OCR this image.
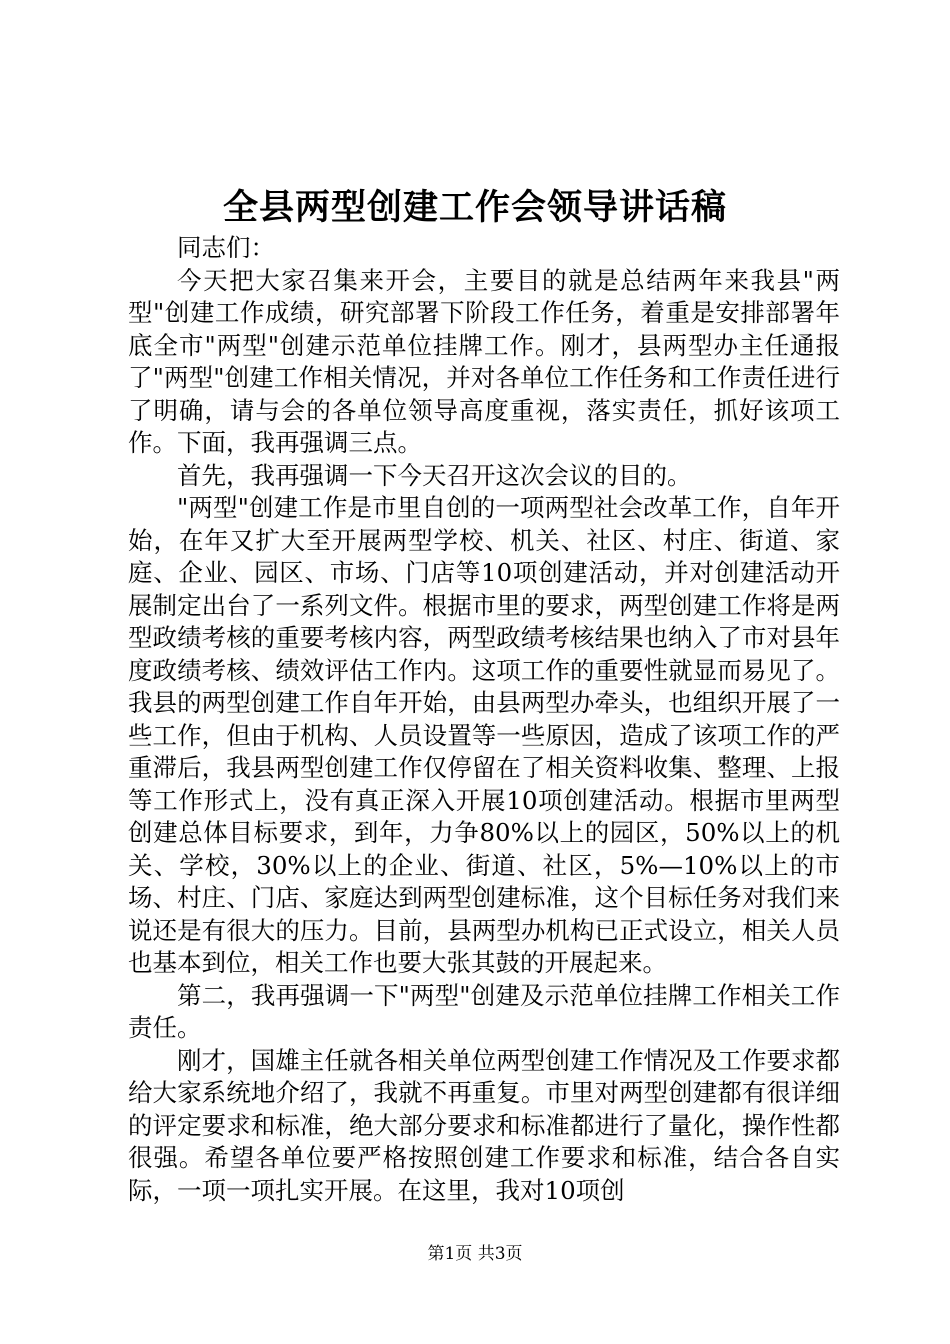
全县两型创建工作会领导讲话稿

同志们：

今天把大家召集来开会，主要目的就是总结两年来我县"两型"创建工作成绩，研究部署下阶段工作任务，着重是安排部署年底全市"两型"创建示范单位挂牌工作。刚才，县两型办主任通报了"两型"创建工作相关情况，并对各单位工作任务和工作责任进行了明确，请与会的各单位领导高度重视，落实责任，抓好该项工作。下面，我再强调三点。

首先，我再强调一下今天召开这次会议的目的。

"两型"创建工作是市里自创的一项两型社会改革工作，自年开始，在年又扩大至开展两型学校、机关、社区、村庄、街道、家庭、企业、园区、市场、门店等10项创建活动，并对创建活动开展制定出台了一系列文件。根据市里的要求，两型创建工作将是两型政绩考核的重要考核内容，两型政绩考核结果也纳入了市对县年度政绩考核、绩效评估工作内。这项工作的重要性就显而易见了。我县的两型创建工作自年开始，由县两型办牵头，也组织开展了一些工作，但由于机构、人员设置等一些原因，造成了该项工作的严重滞后，我县两型创建工作仅停留在了相关资料收集、整理、上报等工作形式上，没有真正深入开展10项创建活动。根据市里两型创建总体目标要求，到年，力争80%以上的园区，50%以上的机关、学校，30%以上的企业、街道、社区，5%—10%以上的市场、村庄、门店、家庭达到两型创建标准，这个目标任务对我们来说还是有很大的压力。目前，县两型办机构已正式设立，相关人员也基本到位，相关工作也要大张其鼓的开展起来。

第二，我再强调一下"两型"创建及示范单位挂牌工作相关工作责任。

刚才，国雄主任就各相关单位两型创建工作情况及工作要求都给大家系统地介绍了，我就不再重复。市里对两型创建都有很详细的评定要求和标准，绝大部分要求和标准都进行了量化，操作性都很强。希望各单位要严格按照创建工作要求和标准，结合各自实际，一项一项扎实开展。在这里，我对10项创

第1页 共3页
